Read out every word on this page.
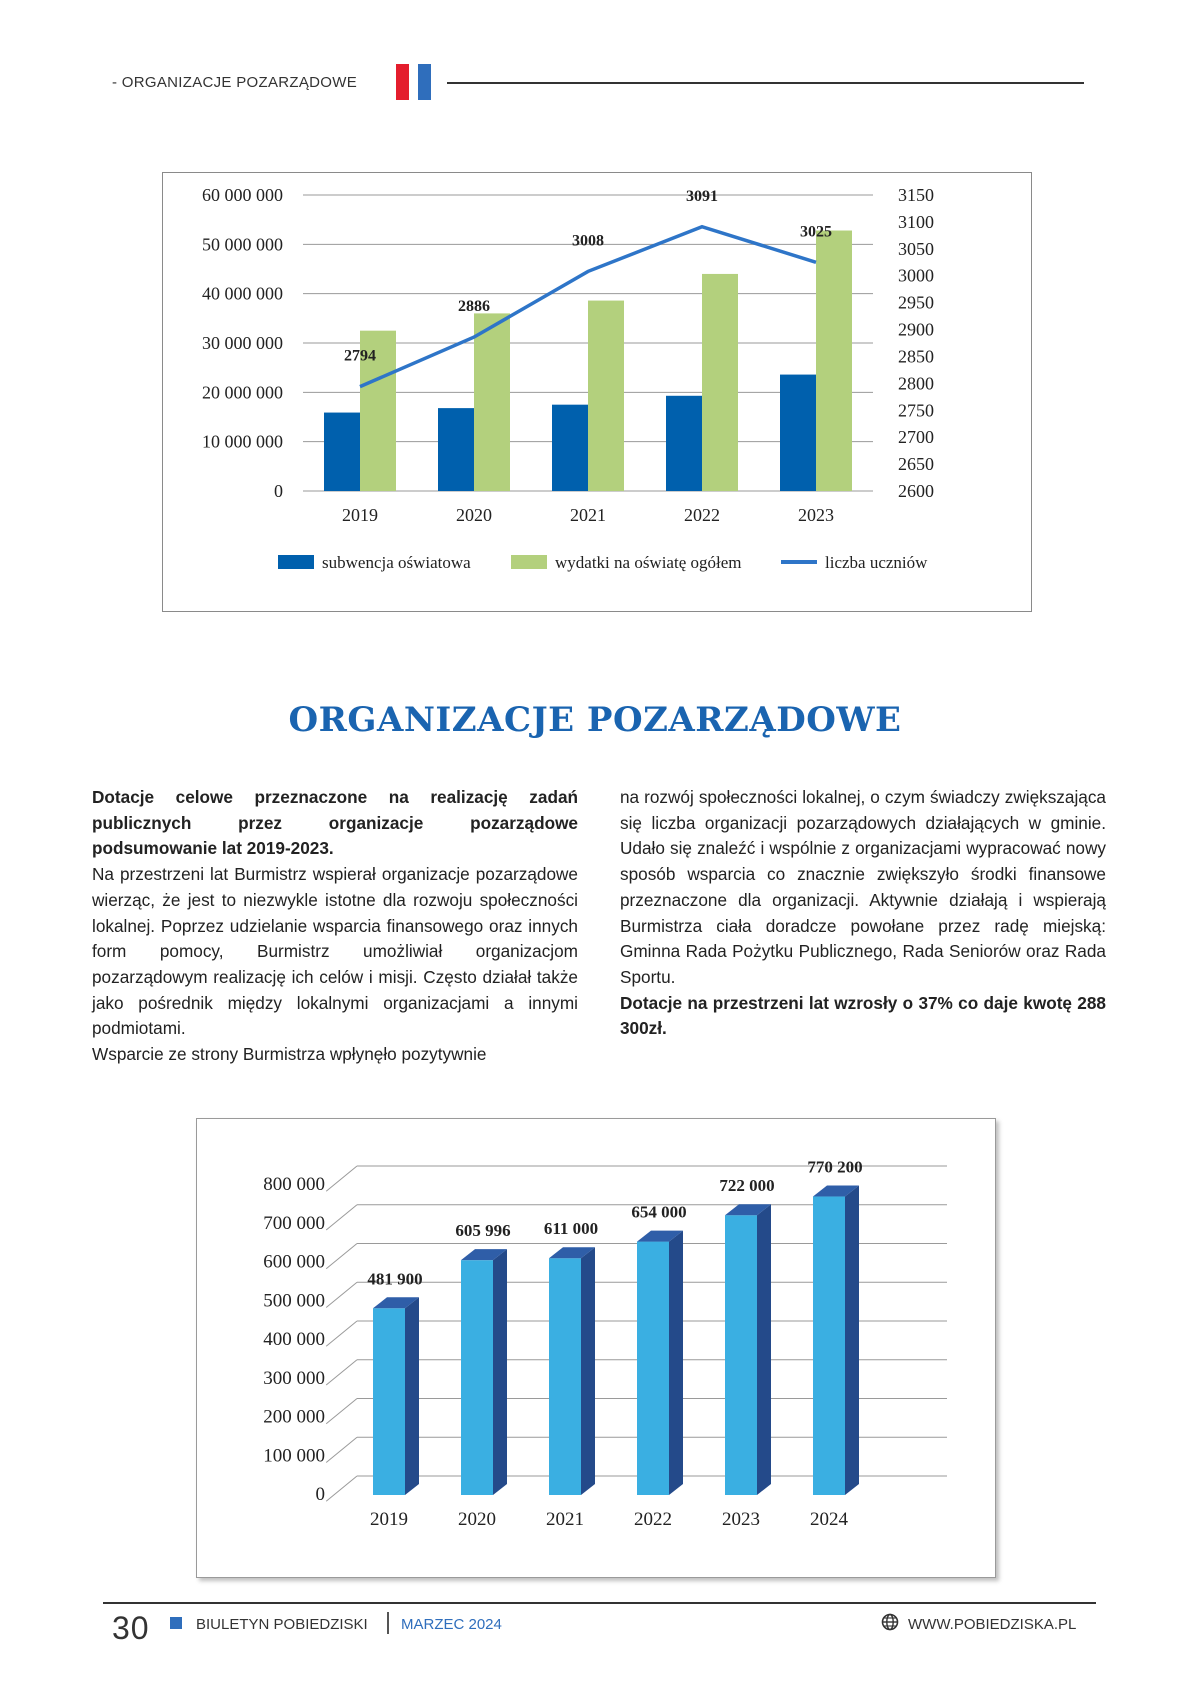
- ORGANIZACJE POZARZĄDOWE
0
10 000 000
20 000 000
30 000 000
40 000 000
50 000 000
60 000 000
2600
2650
2700
2750
2800
2850
2900
2950
3000
3050
3100
3150
2019	2020	2021	2022	2023
2794
2886
3008
3091
3025
subwencja oświatowa	wydatki na oświatę ogółem	liczba uczniów
ORGANIZACJE POZARZĄDOWE

Dotacje celowe przeznaczone na realizację zadań publicznych przez organizacje pozarządowe podsumowanie lat 2019-2023.

Na przestrzeni lat Burmistrz wspierał organizacje pozarządowe wierząc, że jest to niezwykle istotne dla rozwoju społeczności lokalnej. Poprzez udzielanie wsparcia finansowego oraz innych form pomocy, Burmistrz umożliwiał organizacjom pozarządowym realizację ich celów i misji. Często działał także jako pośrednik między lokalnymi organizacjami a innymi podmiotami.

Wsparcie ze strony Burmistrza wpłynęło pozytywnie

na rozwój społeczności lokalnej, o czym świadczy zwiększająca się liczba organizacji pozarządowych działających w gminie. Udało się znaleźć i wspólnie z organizacjami wypracować nowy sposób wsparcia co znacznie zwiększyło środki finansowe przeznaczone dla organizacji. Aktywnie działają i wspierają Burmistrza ciała doradcze powołane przez radę miejską: Gminna Rada Pożytku Publicznego, Rada Seniorów oraz Rada Sportu.

Dotacje na przestrzeni lat wzrosły o 37% co daje kwotę 288 300zł.

0
100 000
200 000
300 000
400 000
500 000
600 000
700 000
800 000
481 900
2019
605 996
2020
611 000
2021
654 000
2022
722 000
2023
770 200
2024
30	BIULETYN POBIEDZISKI MARZEC 2024	WWW.POBIEDZISKA.PL
